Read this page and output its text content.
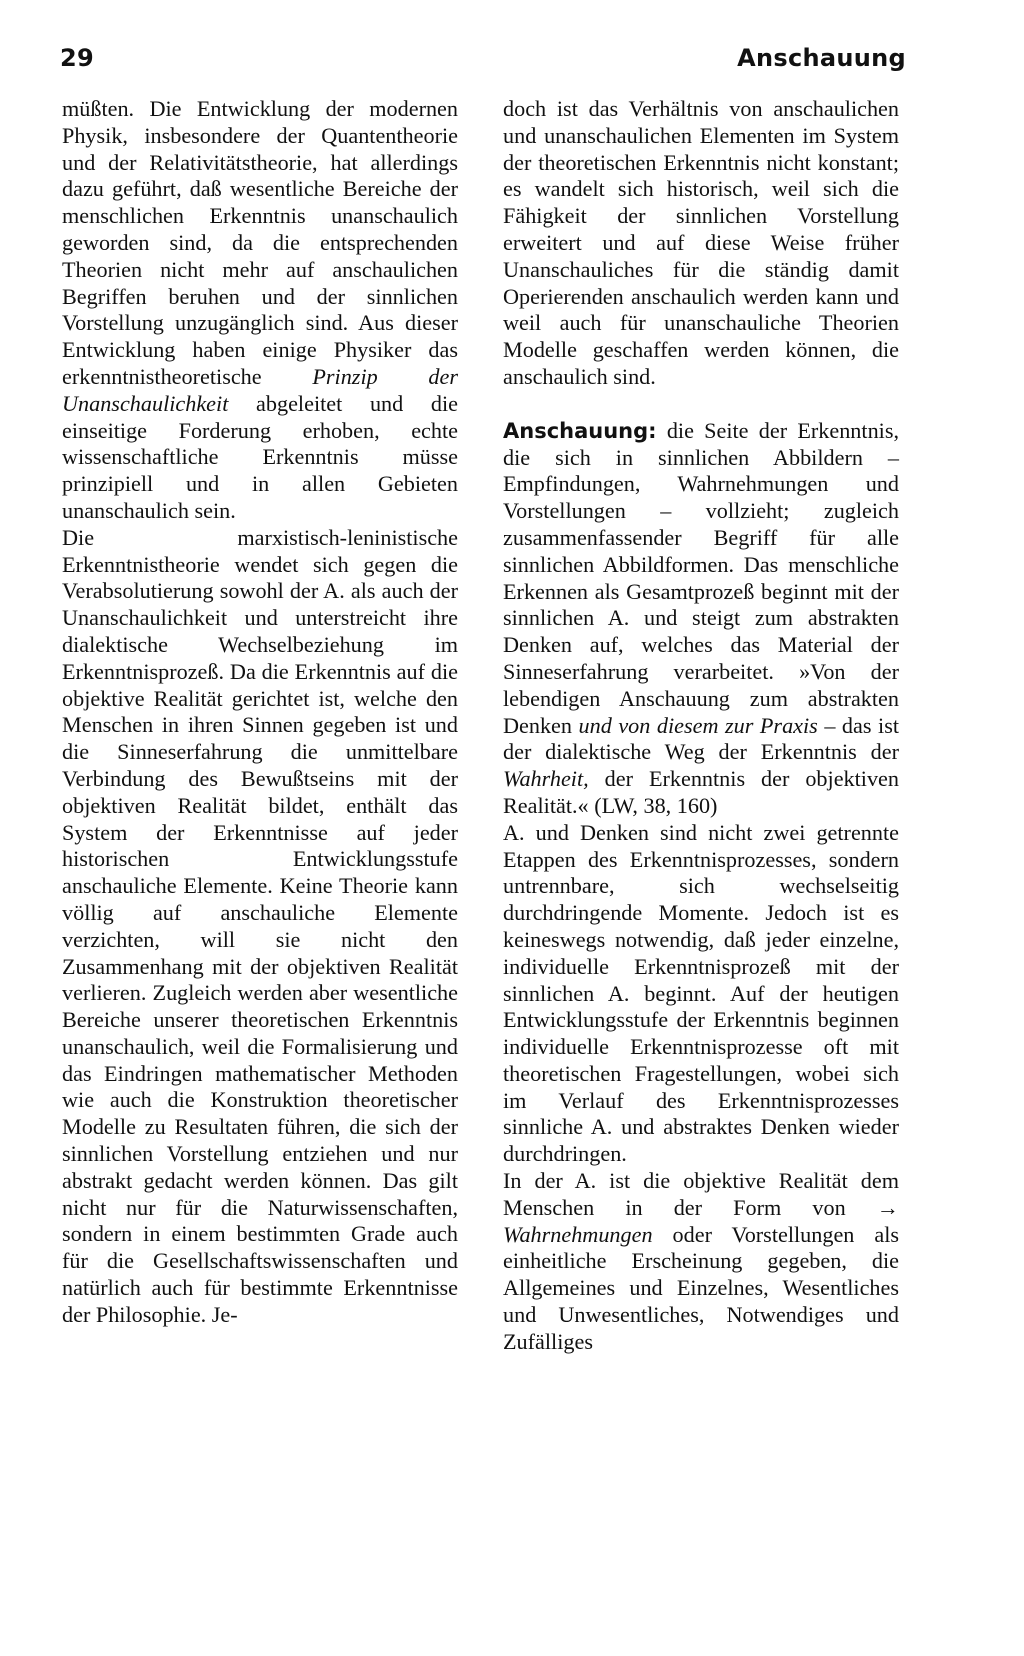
29	Anschauung

müßten. Die Entwicklung der modernen Physik, insbesondere der Quantentheorie und der Relativitätstheorie, hat allerdings dazu geführt, daß wesentliche Bereiche der menschlichen Erkenntnis unanschaulich geworden sind, da die entsprechenden Theorien nicht mehr auf anschaulichen Begriffen beruhen und der sinnlichen Vorstellung unzugänglich sind. Aus dieser Entwicklung haben einige Physiker das erkenntnistheoretische Prinzip der Unanschaulichkeit abgeleitet und die einseitige Forderung erhoben, echte wissenschaftliche Erkenntnis müsse prinzipiell und in allen Gebieten unanschaulich sein.

Die marxistisch-leninistische Erkenntnistheorie wendet sich gegen die Verabsolutierung sowohl der A. als auch der Unanschaulichkeit und unterstreicht ihre dialektische Wechselbeziehung im Erkenntnisprozeß. Da die Erkenntnis auf die objektive Realität gerichtet ist, welche den Menschen in ihren Sinnen gegeben ist und die Sinneserfahrung die unmittelbare Verbindung des Bewußtseins mit der objektiven Realität bildet, enthält das System der Erkenntnisse auf jeder historischen Entwicklungsstufe anschauliche Elemente. Keine Theorie kann völlig auf anschauliche Elemente verzichten, will sie nicht den Zusammenhang mit der objektiven Realität verlieren. Zugleich werden aber wesentliche Bereiche unserer theoretischen Erkenntnis unanschaulich, weil die Formalisierung und das Eindringen mathematischer Methoden wie auch die Konstruktion theoretischer Modelle zu Resultaten führen, die sich der sinnlichen Vorstellung entziehen und nur abstrakt gedacht werden können. Das gilt nicht nur für die Naturwissenschaften, sondern in einem bestimmten Grade auch für die Gesellschaftswissenschaften und natürlich auch für bestimmte Erkenntnisse der Philosophie. Je-

doch ist das Verhältnis von anschaulichen und unanschaulichen Elementen im System der theoretischen Erkenntnis nicht konstant; es wandelt sich historisch, weil sich die Fähigkeit der sinnlichen Vorstellung erweitert und auf diese Weise früher Unanschauliches für die ständig damit Operierenden anschaulich werden kann und weil auch für unanschauliche Theorien Modelle geschaffen werden können, die anschaulich sind.

Anschauung: die Seite der Erkenntnis, die sich in sinnlichen Abbildern – Empfindungen, Wahrnehmungen und Vorstellungen – vollzieht; zugleich zusammenfassender Begriff für alle sinnlichen Abbildformen. Das menschliche Erkennen als Gesamtprozeß beginnt mit der sinnlichen A. und steigt zum abstrakten Denken auf, welches das Material der Sinneserfahrung verarbeitet. »Von der lebendigen Anschauung zum abstrakten Denken und von diesem zur Praxis – das ist der dialektische Weg der Erkenntnis der Wahrheit, der Erkenntnis der objektiven Realität.« (LW, 38, 160)

A. und Denken sind nicht zwei getrennte Etappen des Erkenntnisprozesses, sondern untrennbare, sich wechselseitig durchdringende Momente. Jedoch ist es keineswegs notwendig, daß jeder einzelne, individuelle Erkenntnisprozeß mit der sinnlichen A. beginnt. Auf der heutigen Entwicklungsstufe der Erkenntnis beginnen individuelle Erkenntnisprozesse oft mit theoretischen Fragestellungen, wobei sich im Verlauf des Erkenntnisprozesses sinnliche A. und abstraktes Denken wieder durchdringen.

In der A. ist die objektive Realität dem Menschen in der Form von → Wahrnehmungen oder Vorstellungen als einheitliche Erscheinung gegeben, die Allgemeines und Einzelnes, Wesentliches und Unwesentliches, Notwendiges und Zufälliges
